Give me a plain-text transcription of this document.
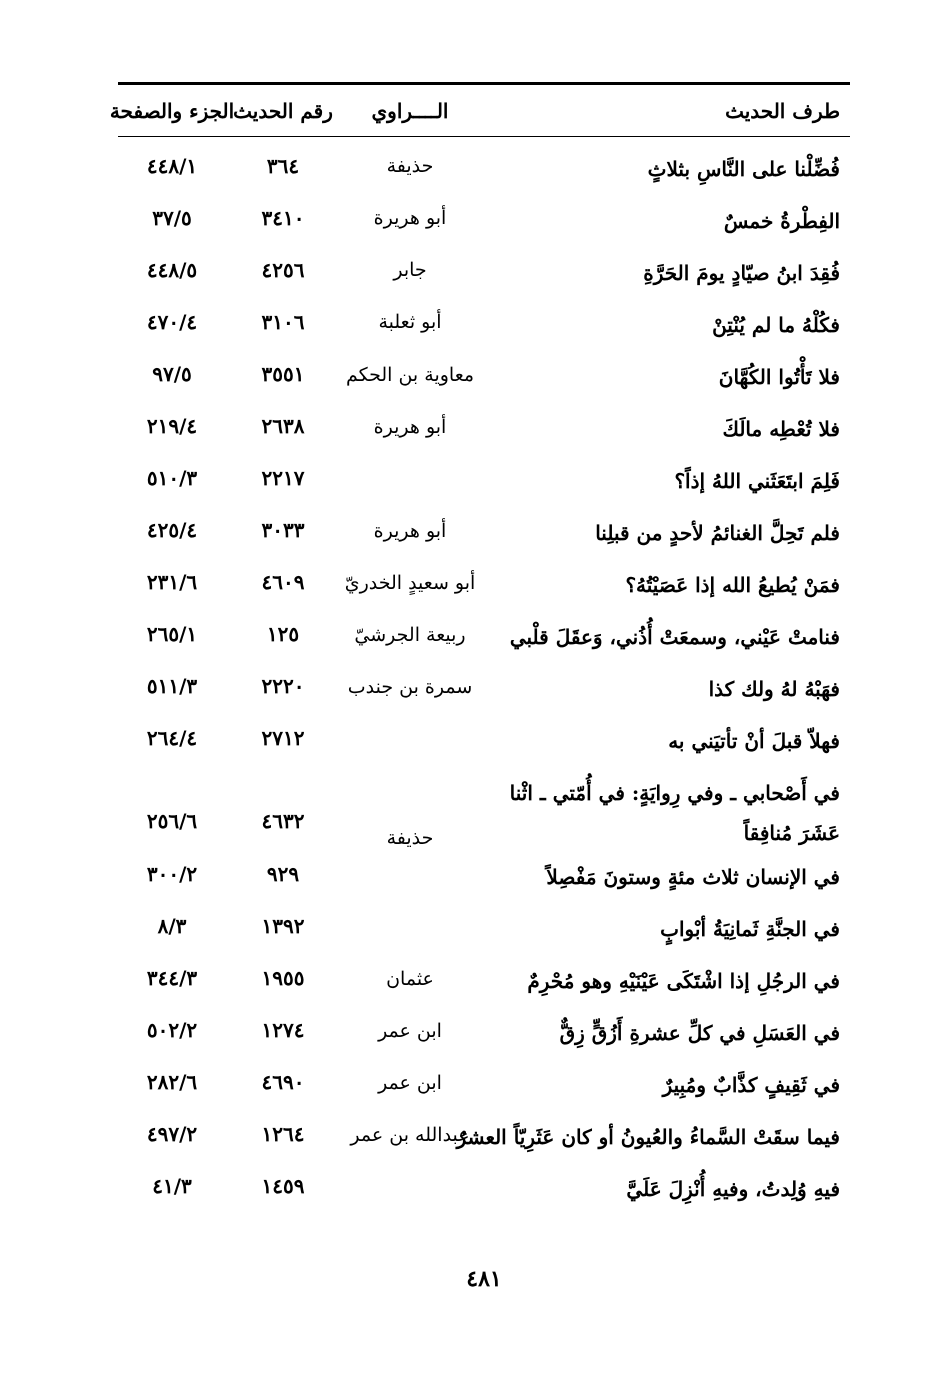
طرف الحديث
الــــراوي
رقم الحديث
الجزء والصفحة
فُضِّلْنا على النَّاسِ بثلاثٍ
حذيفة
٣٦٤
٤٤٨/١
الفِطْرةُ خمسٌ
أبو هريرة
٣٤١٠
٣٧/٥
فُقِدَ ابنُ صيّادٍ يومَ الحَرَّةِ
جابر
٤٢٥٦
٤٤٨/٥
فكُلْهُ ما لم يُنْتِنْ
أبو ثعلبة
٣١٠٦
٤٧٠/٤
فلا تَأْتُوا الكُهَّانَ
معاوية بن الحكم
٣٥٥١
٩٧/٥
فلا تُعْطِه مالَكَ
أبو هريرة
٢٦٣٨
٢١٩/٤
فَلِمَ ابتَعَثَني اللهُ إذاً؟
٢٢١٧
٥١٠/٣
فلم تَحِلَّ الغنائمُ لأحدٍ من قبلِنا
أبو هريرة
٣٠٣٣
٤٢٥/٤
فمَنْ يُطيعُ الله إذا عَصَيْتُهُ؟
أبو سعيدٍ الخدريّ
٤٦٠٩
٢٣١/٦
فنامتْ عَيْني، وسمعَتْ أُذُني، وَعقَلَ قلْبي
ربيعة الجرشيّ
١٢٥
٢٦٥/١
فهَبْهُ لهُ ولك كذا
سمرة بن جندب
٢٢٢٠
٥١١/٣
فهلاّ قبلَ أنْ تأتيَني به
٢٧١٢
٢٦٤/٤
في أَصْحابي ـ وفي رِوايَةٍ: في أُمّتي ـ اثْنا
عَشَرَ مُنافِقاً
حذيفة
٤٦٣٢
٢٥٦/٦
في الإنسان ثلاث مئةٍ وستونَ مَفْصِلاً
٩٢٩
٣٠٠/٢
في الجنَّةِ ثَمانِيَةُ أبْوابٍ
١٣٩٢
٨/٣
في الرجُلِ إذا اشْتَكَى عَيْنَيْهِ وهو مُحْرِمٌ
عثمان
١٩٥٥
٣٤٤/٣
في العَسَلِ في كلِّ عشرةِ أَزُقٍّ زِقٌّ
ابن عمر
١٢٧٤
٥٠٢/٢
في ثَقِيفٍ كذَّابٌ ومُبِيرٌ
ابن عمر
٤٦٩٠
٢٨٢/٦
فيما سقَتْ السَّماءُ والعُيونُ أو كان عَثَرِيّاً العشرُ
عبدالله بن عمر
١٢٦٤
٤٩٧/٢
فيهِ وُلِدتُ، وفيهِ أُنْزِلَ عَلَيَّ
١٤٥٩
٤١/٣
٤٨١
